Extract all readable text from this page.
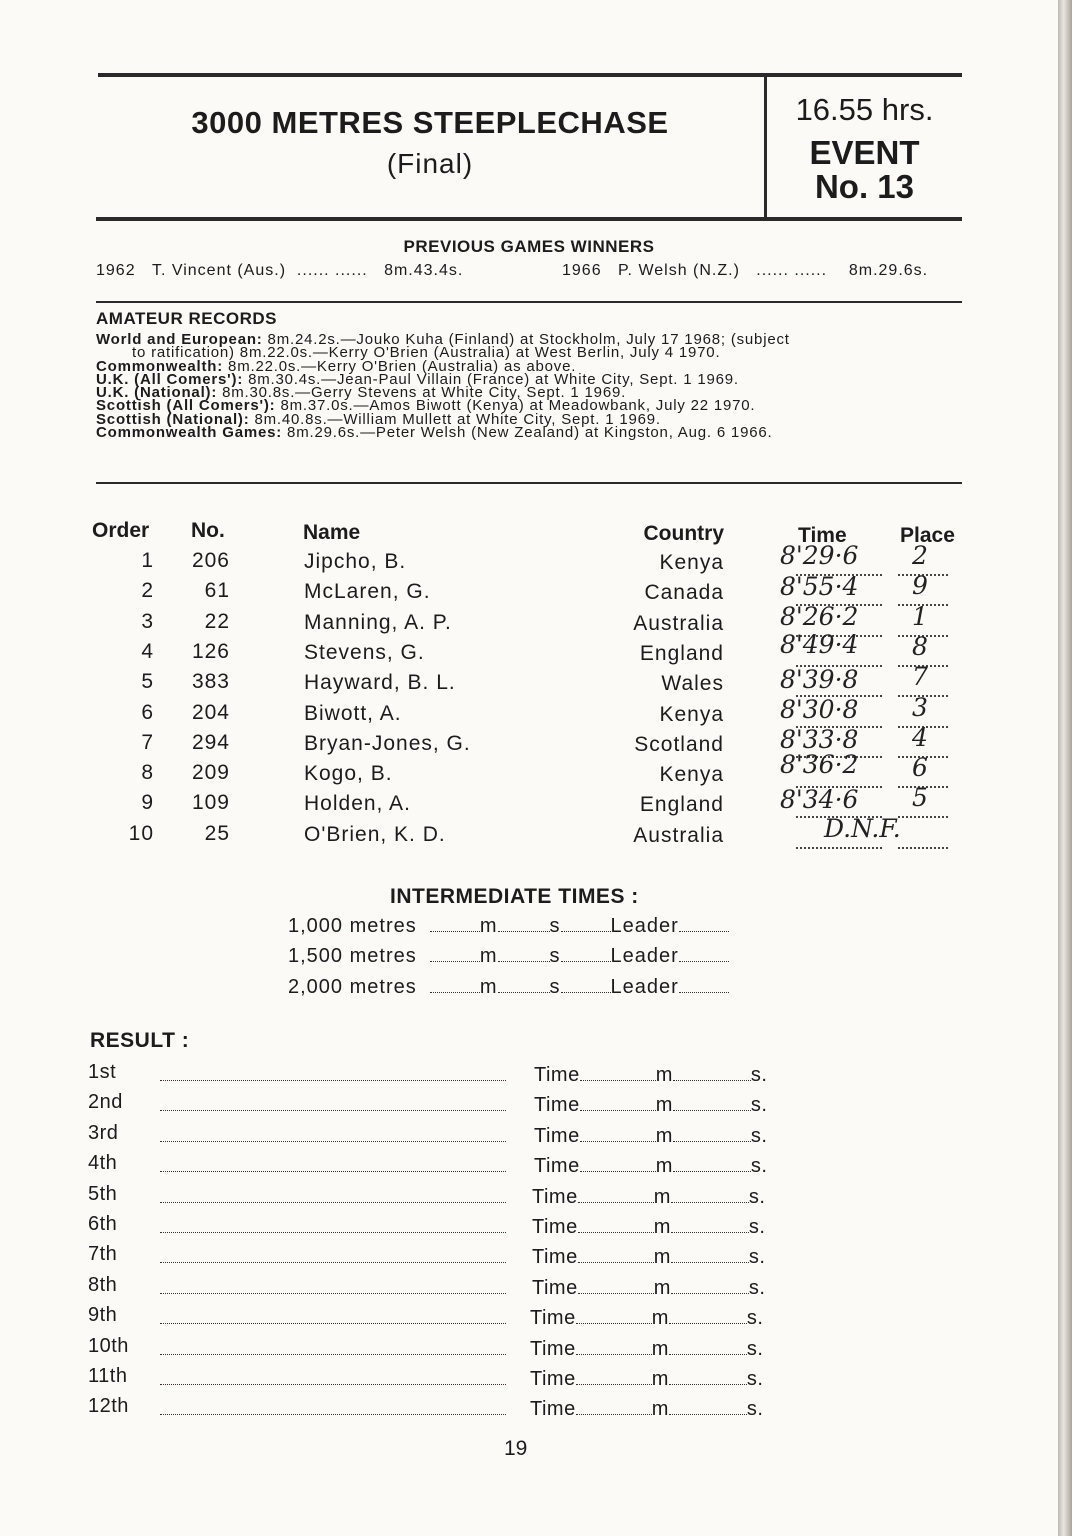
3000 METRES STEEPLECHASE
(Final)
16.55 hrs.
EVENT
No. 13
PREVIOUS GAMES WINNERS
1962 T. Vincent (Aus.) ...... ...... 8m.43.4s.	1966 P. Welsh (N.Z.) ...... ...... 8m.29.6s.
AMATEUR RECORDS
World and European: 8m.24.2s.—Jouko Kuha (Finland) at Stockholm, July 17 1968; (subject
to ratification) 8m.22.0s.—Kerry O'Brien (Australia) at West Berlin, July 4 1970.
Commonwealth: 8m.22.0s.—Kerry O'Brien (Australia) as above.
U.K. (All Comers'): 8m.30.4s.—Jean-Paul Villain (France) at White City, Sept. 1 1969.
U.K. (National): 8m.30.8s.—Gerry Stevens at White City, Sept. 1 1969.
Scottish (All Comers'): 8m.37.0s.—Amos Biwott (Kenya) at Meadowbank, July 22 1970.
Scottish (National): 8m.40.8s.—William Mullett at White City, Sept. 1 1969.
Commonwealth Games: 8m.29.6s.—Peter Welsh (New Zealand) at Kingston, Aug. 6 1966.
Order No.	Name	Country	Time	Place
1	206	Jipcho, B.	Kenya 8'29·6 2
2	61	McLaren, G.	Canada 8'55·4 9
3	22	Manning, A. P.	Australia 8'26·2 1
4	126	Stevens, G.	England 8'49·4 8
5	383	Hayward, B. L.	Wales 8'39·8 7
6	204	Biwott, A.	Kenya 8'30·8 3
7	294	Bryan-Jones, G.	Scotland 8'33·8 4
8	209	Kogo, B.	Kenya 8'36·2 6
9	109	Holden, A.	England 8'34·6 5
10	25	O'Brien, K. D.	Australia	D.N.F.
INTERMEDIATE TIMES :
1,000 metres	m	s	Leader
1,500 metres	m	s	Leader
2,000 metres	m	s	Leader
RESULT :
1st	Time	m	s.
2nd	Time	m	s.
3rd	Time	m	s.
4th	Time	m	s.
5th	Time	m	s.
6th	Time	m	s.
7th	Time	m	s.
8th	Time	m	s.
9th	Time	m	s.
10th	Time	m	s.
11th	Time	m	s.
12th	Time	m	s.
19
